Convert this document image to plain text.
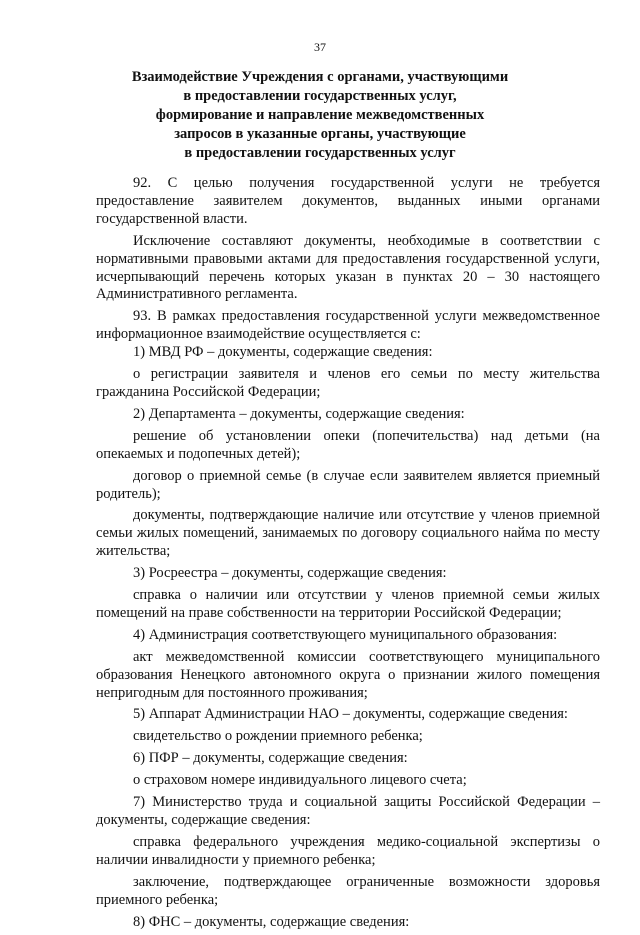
37
Взаимодействие Учреждения с органами, участвующими
в предоставлении государственных услуг,
формирование и направление межведомственных
запросов в указанные органы, участвующие
в предоставлении государственных услуг

92. С целью получения государственной услуги не требуется предоставление заявителем документов, выданных иными органами государственной власти.

Исключение составляют документы, необходимые в соответствии с нормативными правовыми актами для предоставления государственной услуги, исчерпывающий перечень которых указан в пунктах 20 – 30 настоящего Административного регламента.

93. В рамках предоставления государственной услуги межведомственное информационное взаимодействие осуществляется с:

1) МВД РФ – документы, содержащие сведения:

о регистрации заявителя и членов его семьи по месту жительства гражданина Российской Федерации;

2) Департамента – документы, содержащие сведения:

решение об установлении опеки (попечительства) над детьми (на опекаемых и подопечных детей);

договор о приемной семье (в случае если заявителем является приемный родитель);

документы, подтверждающие наличие или отсутствие у членов приемной семьи жилых помещений, занимаемых по договору социального найма по месту жительства;

3) Росреестра – документы, содержащие сведения:

справка о наличии или отсутствии у членов приемной семьи жилых помещений на праве собственности на территории Российской Федерации;

4) Администрация соответствующего муниципального образования:

акт межведомственной комиссии соответствующего муниципального образования Ненецкого автономного округа о признании жилого помещения непригодным для постоянного проживания;

5) Аппарат Администрации НАО – документы, содержащие сведения:

свидетельство о рождении приемного ребенка;

6) ПФР – документы, содержащие сведения:

о страховом номере индивидуального лицевого счета;

7) Министерство труда и социальной защиты Российской Федерации – документы, содержащие сведения:

справка федерального учреждения медико-социальной экспертизы о наличии инвалидности у приемного ребенка;

заключение, подтверждающее ограниченные возможности здоровья приемного ребенка;

8) ФНС – документы, содержащие сведения:
